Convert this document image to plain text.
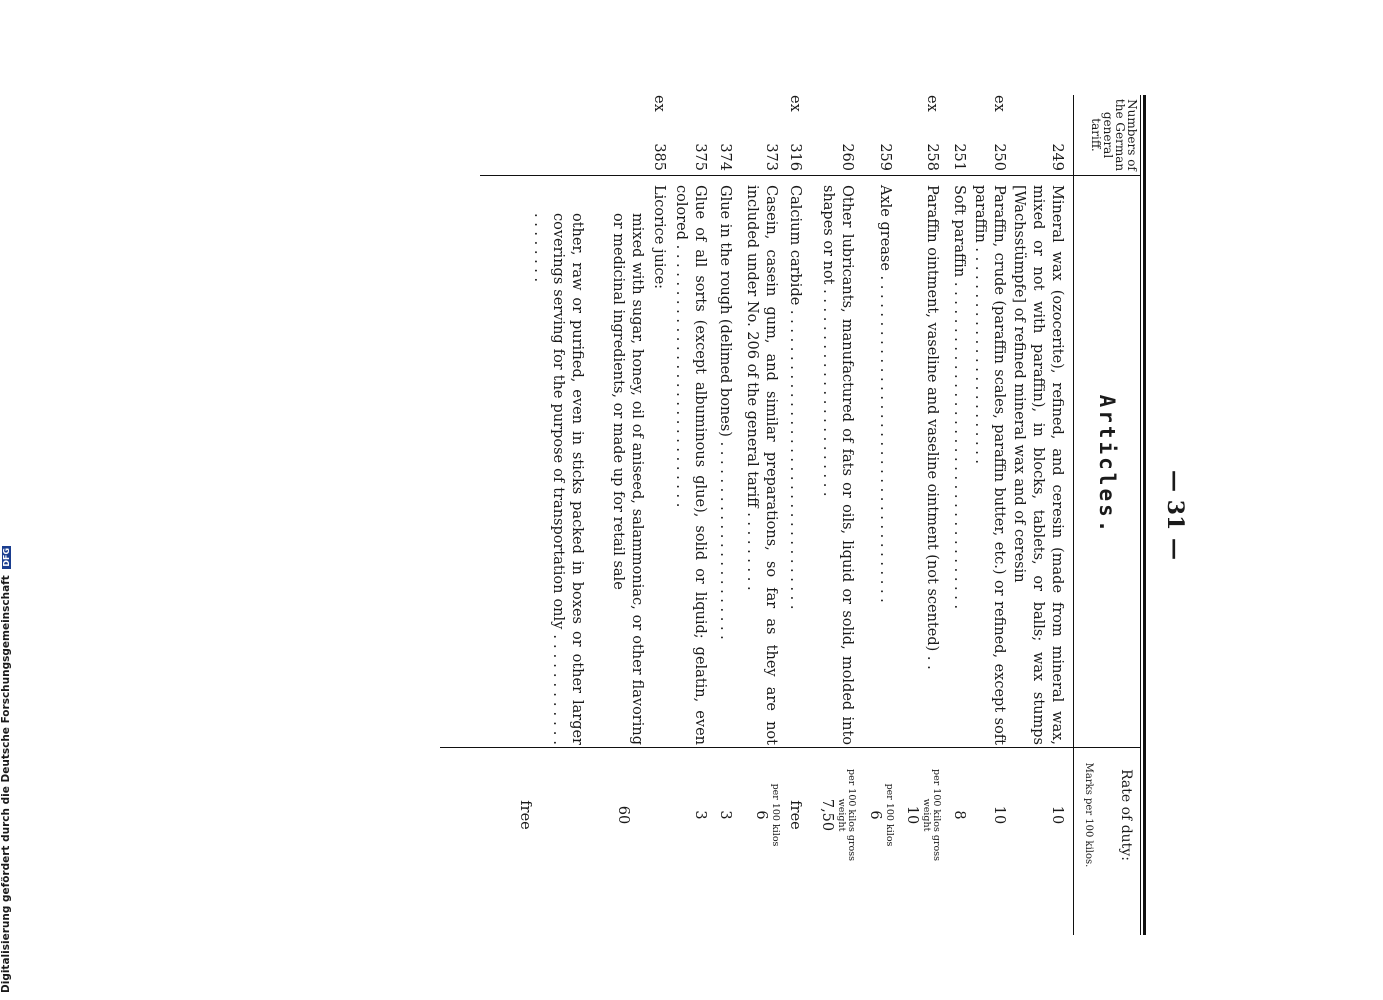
— 31 —
Numbers of the German general tariff.
Articles.
Rate of duty:
Marks per 100 kilos.
249
Mineral wax (ozocerite), refined, and ceresin (made from mineral wax, mixed or not with paraffin), in blocks, tablets, or balls; wax stumps [Wachsstümpfe] of refined mineral wax and of ceresin
10
ex
250
Paraffin, crude (paraffin scales, paraffin butter, etc.) or refined, except soft paraffin . . . . . . . . . . . . . . . . . . . . . . . .
10
251
Soft paraffin . . . . . . . . . . . . . . . . . . . . . . . . . . . . . . . . . . . .
8
ex
258
Paraffin ointment, vaseline and vaseline ointment (not scented) . .
per 100 kilos gross weight
10
259
Axle grease . . . . . . . . . . . . . . . . . . . . . . . . . . . . . . . . . . . .
per 100 kilos
6
260
Other lubricants, manufactured of fats or oils, liquid or solid, molded into shapes or not . . . . . . . . . . . . . . . . . . . . . . .
per 100 kilos gross weight
7,50
ex
316
Calcium carbide . . . . . . . . . . . . . . . . . . . . . . . . . . . . . . . . .
free
373
Casein, casein gum, and similar preparations, so far as they are not included under No. 206 of the general tariff . . . . . . . . .
per 100 kilos
6
374
Glue in the rough (delimed bones) . . . . . . . . . . . . . . . . . . . . . .
3
375
Glue of all sorts (except albuminous glue), solid or liquid; gelatin, even colored . . . . . . . . . . . . . . . . . . . . . . . . . . . . .
3
ex
385
Licorice juice:
mixed with sugar, honey, oil of aniseed, salammoniac, or other flavoring or medicinal ingredients, or made up for retail sale
60
other, raw or purified, even in sticks packed in boxes or other larger coverings serving for the purpose of transportation only . . . . . . . . . . . . . . . . . . . .
free
Digitalisierung gefördert durch die Deutsche Forschungsgemeinschaft DFG
